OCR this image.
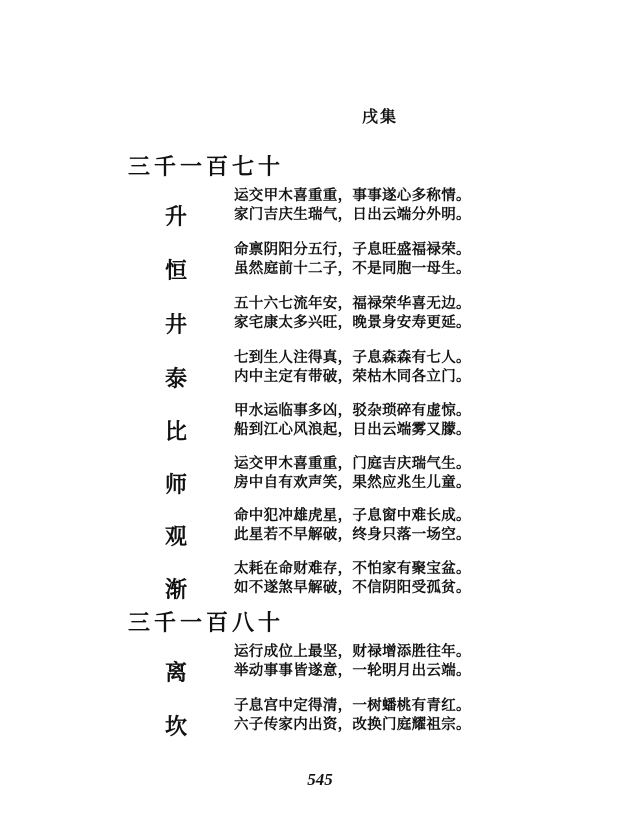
戌集
三千一百七十
升
运交甲木喜重重，事事遂心多称情。
家门吉庆生瑞气，日出云端分外明。
恒
命禀阴阳分五行，子息旺盛福禄荣。
虽然庭前十二子，不是同胞一母生。
井
五十六七流年安，福禄荣华喜无边。
家宅康太多兴旺，晚景身安寿更延。
泰
七到生人注得真，子息森森有七人。
内中主定有带破，荣枯木同各立门。
比
甲水运临事多凶，驳杂琐碎有虚惊。
船到江心风浪起，日出云端雾又朦。
师
运交甲木喜重重，门庭吉庆瑞气生。
房中自有欢声笑，果然应兆生儿童。
观
命中犯冲雄虎星，子息窗中难长成。
此星若不早解破，终身只落一场空。
渐
太耗在命财难存，不怕家有聚宝盆。
如不遂煞早解破，不信阴阳受孤贫。
三千一百八十
离
运行成位上最坚，财禄增添胜往年。
举动事事皆遂意，一轮明月出云端。
坎
子息宫中定得清，一树蟠桃有青红。
六子传家内出资，改换门庭耀祖宗。
545
